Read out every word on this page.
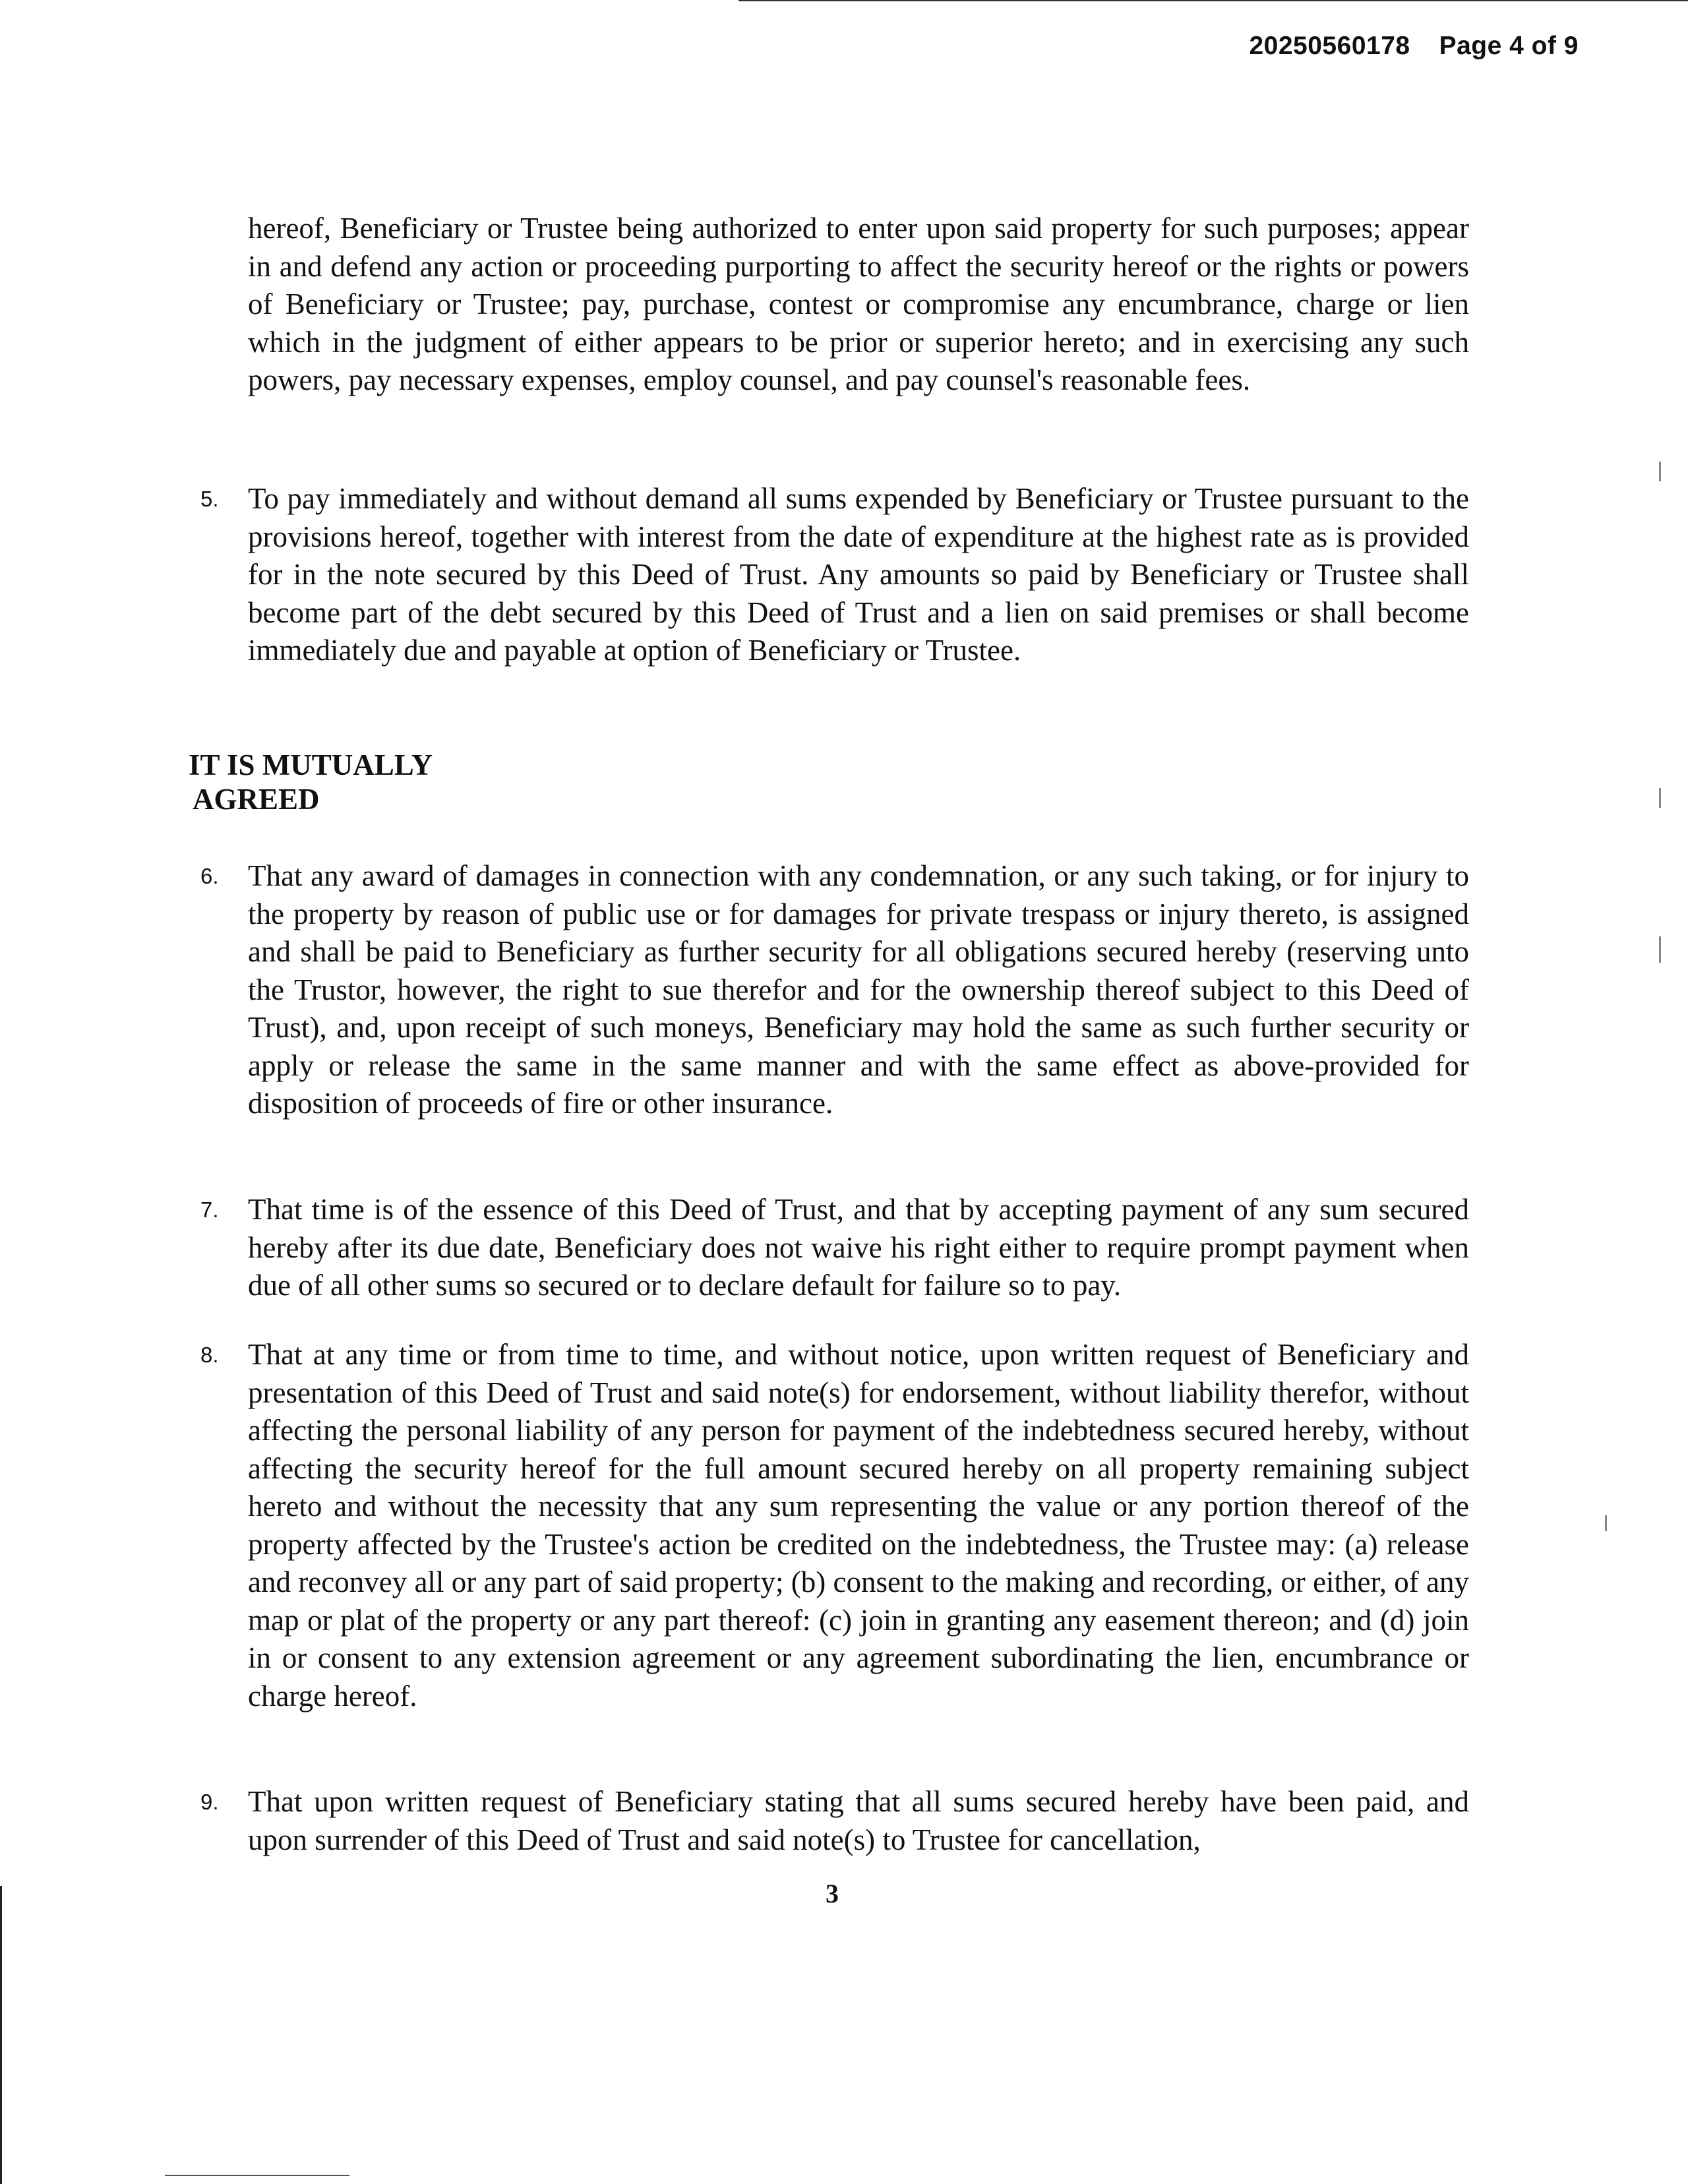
20250560178 Page 4 of 9
hereof, Beneficiary or Trustee being authorized to enter upon said property for such purposes; appear in and defend any action or proceeding purporting to affect the security hereof or the rights or powers of Beneficiary or Trustee; pay, purchase, contest or compromise any encumbrance, charge or lien which in the judgment of either appears to be prior or superior hereto; and in exercising any such powers, pay necessary expenses, employ counsel, and pay counsel's reasonable fees.
5. To pay immediately and without demand all sums expended by Beneficiary or Trustee pursuant to the provisions hereof, together with interest from the date of expenditure at the highest rate as is provided for in the note secured by this Deed of Trust. Any amounts so paid by Beneficiary or Trustee shall become part of the debt secured by this Deed of Trust and a lien on said premises or shall become immediately due and payable at option of Beneficiary or Trustee.
IT IS MUTUALLY
AGREED
6. That any award of damages in connection with any condemnation, or any such taking, or for injury to the property by reason of public use or for damages for private trespass or injury thereto, is assigned and shall be paid to Beneficiary as further security for all obligations secured hereby (reserving unto the Trustor, however, the right to sue therefor and for the ownership thereof subject to this Deed of Trust), and, upon receipt of such moneys, Beneficiary may hold the same as such further security or apply or release the same in the same manner and with the same effect as above-provided for disposition of proceeds of fire or other insurance.
7. That time is of the essence of this Deed of Trust, and that by accepting payment of any sum secured hereby after its due date, Beneficiary does not waive his right either to require prompt payment when due of all other sums so secured or to declare default for failure so to pay.
8. That at any time or from time to time, and without notice, upon written request of Beneficiary and presentation of this Deed of Trust and said note(s) for endorsement, without liability therefor, without affecting the personal liability of any person for payment of the indebtedness secured hereby, without affecting the security hereof for the full amount secured hereby on all property remaining subject hereto and without the necessity that any sum representing the value or any portion thereof of the property affected by the Trustee's action be credited on the indebtedness, the Trustee may: (a) release and reconvey all or any part of said property; (b) consent to the making and recording, or either, of any map or plat of the property or any part thereof: (c) join in granting any easement thereon; and (d) join in or consent to any extension agreement or any agreement subordinating the lien, encumbrance or charge hereof.
9. That upon written request of Beneficiary stating that all sums secured hereby have been paid, and upon surrender of this Deed of Trust and said note(s) to Trustee for cancellation,
3
